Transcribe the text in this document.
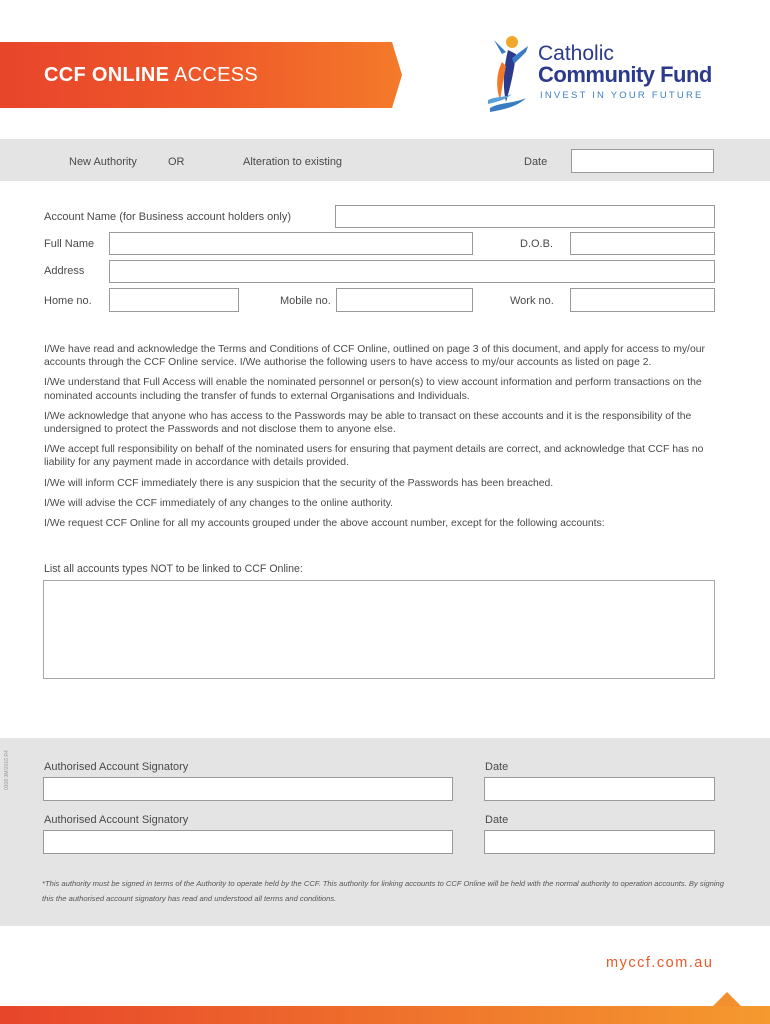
CCF ONLINE ACCESS
Catholic
Community Fund
INVEST IN YOUR FUTURE
New Authority	OR	Alteration to existing	Date
Account Name (for Business account holders only)
Full Name	D.O.B.
Address
Home no.	Mobile no.	Work no.

I/We have read and acknowledge the Terms and Conditions of CCF Online, outlined on page 3 of this document, and apply for access to my/our accounts through the CCF Online service. I/We authorise the following users to have access to my/our accounts as listed on page 2.

I/We understand that Full Access will enable the nominated personnel or person(s) to view account information and perform transactions on the nominated accounts including the transfer of funds to external Organisations and Individuals.

I/We acknowledge that anyone who has access to the Passwords may be able to transact on these accounts and it is the responsibility of the undersigned to protect the Passwords and not disclose them to anyone else.

I/We accept full responsibility on behalf of the nominated users for ensuring that payment details are correct, and acknowledge that CCF has no liability for any payment made in accordance with details provided.

I/We will inform CCF immediately there is any suspicion that the security of the Passwords has been breached.

I/We will advise the CCF immediately of any changes to the online authority.

I/We request CCF Online for all my accounts grouped under the above account number, except for the following accounts:

List all accounts types NOT to be linked to CCF Online:
0308 3M/2016 R4	Authorised Account Signatory	Date
Authorised Account Signatory	Date
*This authority must be signed in terms of the Authority to operate held by the CCF. This authority for linking accounts to CCF Online will be held with the normal authority to operation accounts. By signing this the authorised account signatory has read and understood all terms and conditions.
myccf.com.au
